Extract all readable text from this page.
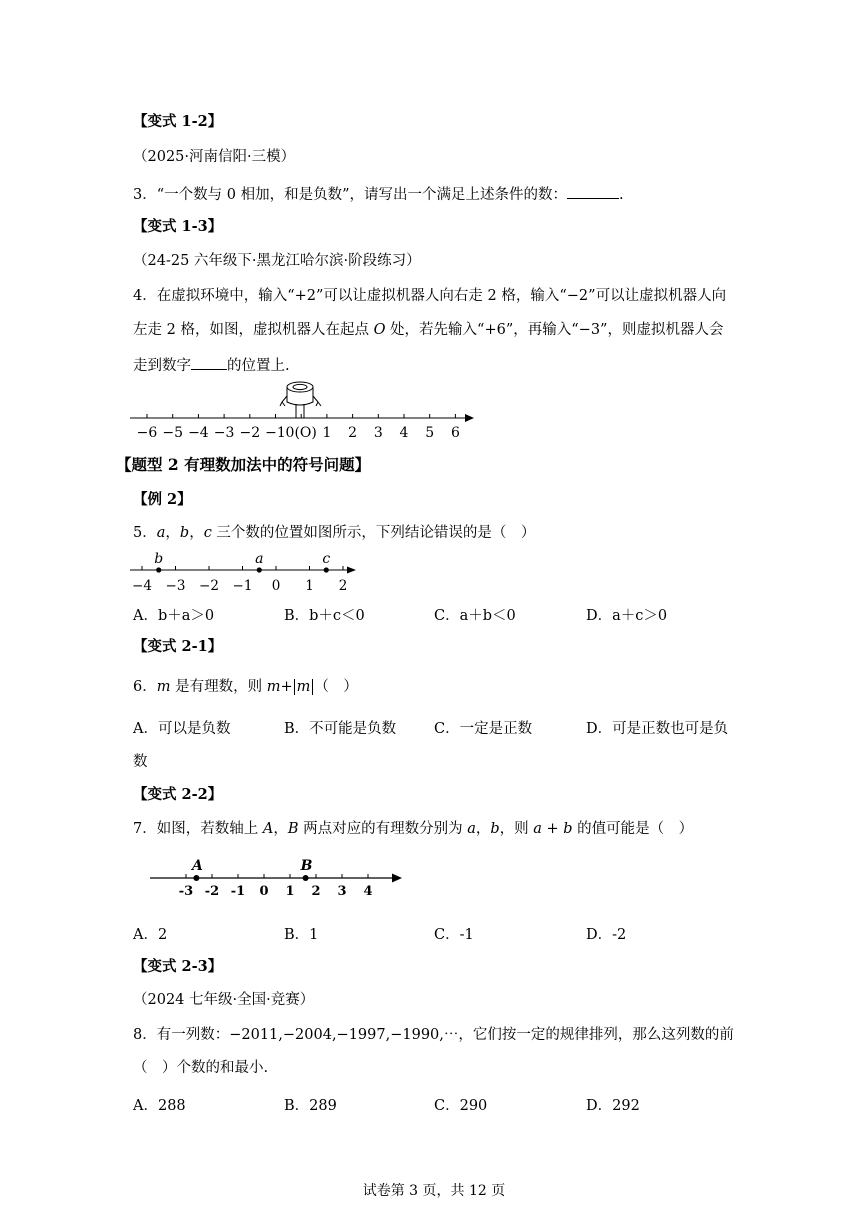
【变式 1-2】
（2025·河南信阳·三模）
3．“一个数与 0 相加，和是负数”，请写出一个满足上述条件的数：	.
【变式 1-3】
（24-25 六年级下·黑龙江哈尔滨·阶段练习）
4．在虚拟环境中，输入“+2”可以让虚拟机器人向右走 2 格，输入“−2”可以让虚拟机器人向
左走 2 格，如图，虚拟机器人在起点 O 处，若先输入“+6”，再输入“−3”，则虚拟机器人会
走到数字 的位置上.
−6 −5 −4 −3 −2 −1 0(O) 1 2 3 4 5 6
【题型 2 有理数加法中的符号问题】
【例 2】
5．a，b，c 三个数的位置如图所示，下列结论错误的是（　）
−4 −3 −2 −1 0 1 2
b	a	c
A．b＋a＞0	B．b＋c＜0	C．a＋b＜0	D．a＋c＞0
【变式 2-1】
6．m 是有理数，则 m+ m （　）
A．可以是负数	B．不可能是负数	C．一定是正数	D．可是正数也可是负
数
【变式 2-2】
7．如图，若数轴上 A，B 两点对应的有理数分别为 a，b，则 a + b 的值可能是（　）
-3 -2 -1 0 1 2 3 4
A	B
A．2	B．1	C．-1	D．-2
【变式 2-3】
（2024 七年级·全国·竞赛）
8．有一列数：−2011,−2004,−1997,−1990,⋯，它们按一定的规律排列，那么这列数的前
（　）个数的和最小.
A．288	B．289	C．290	D．292
试卷第 3 页，共 12 页
